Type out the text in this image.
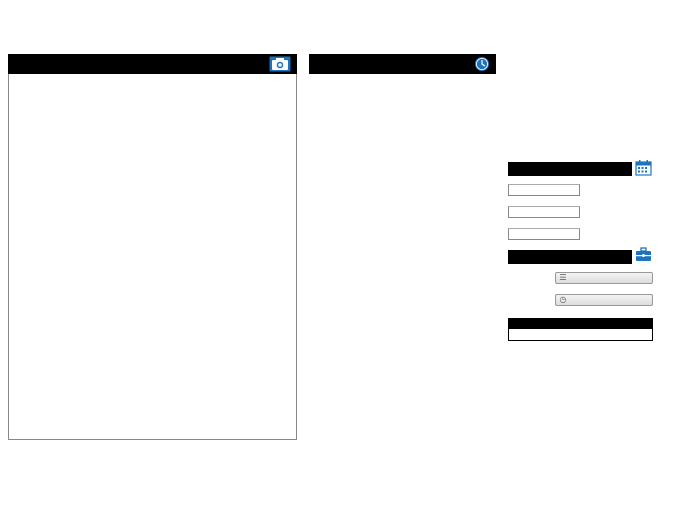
☰
◷
